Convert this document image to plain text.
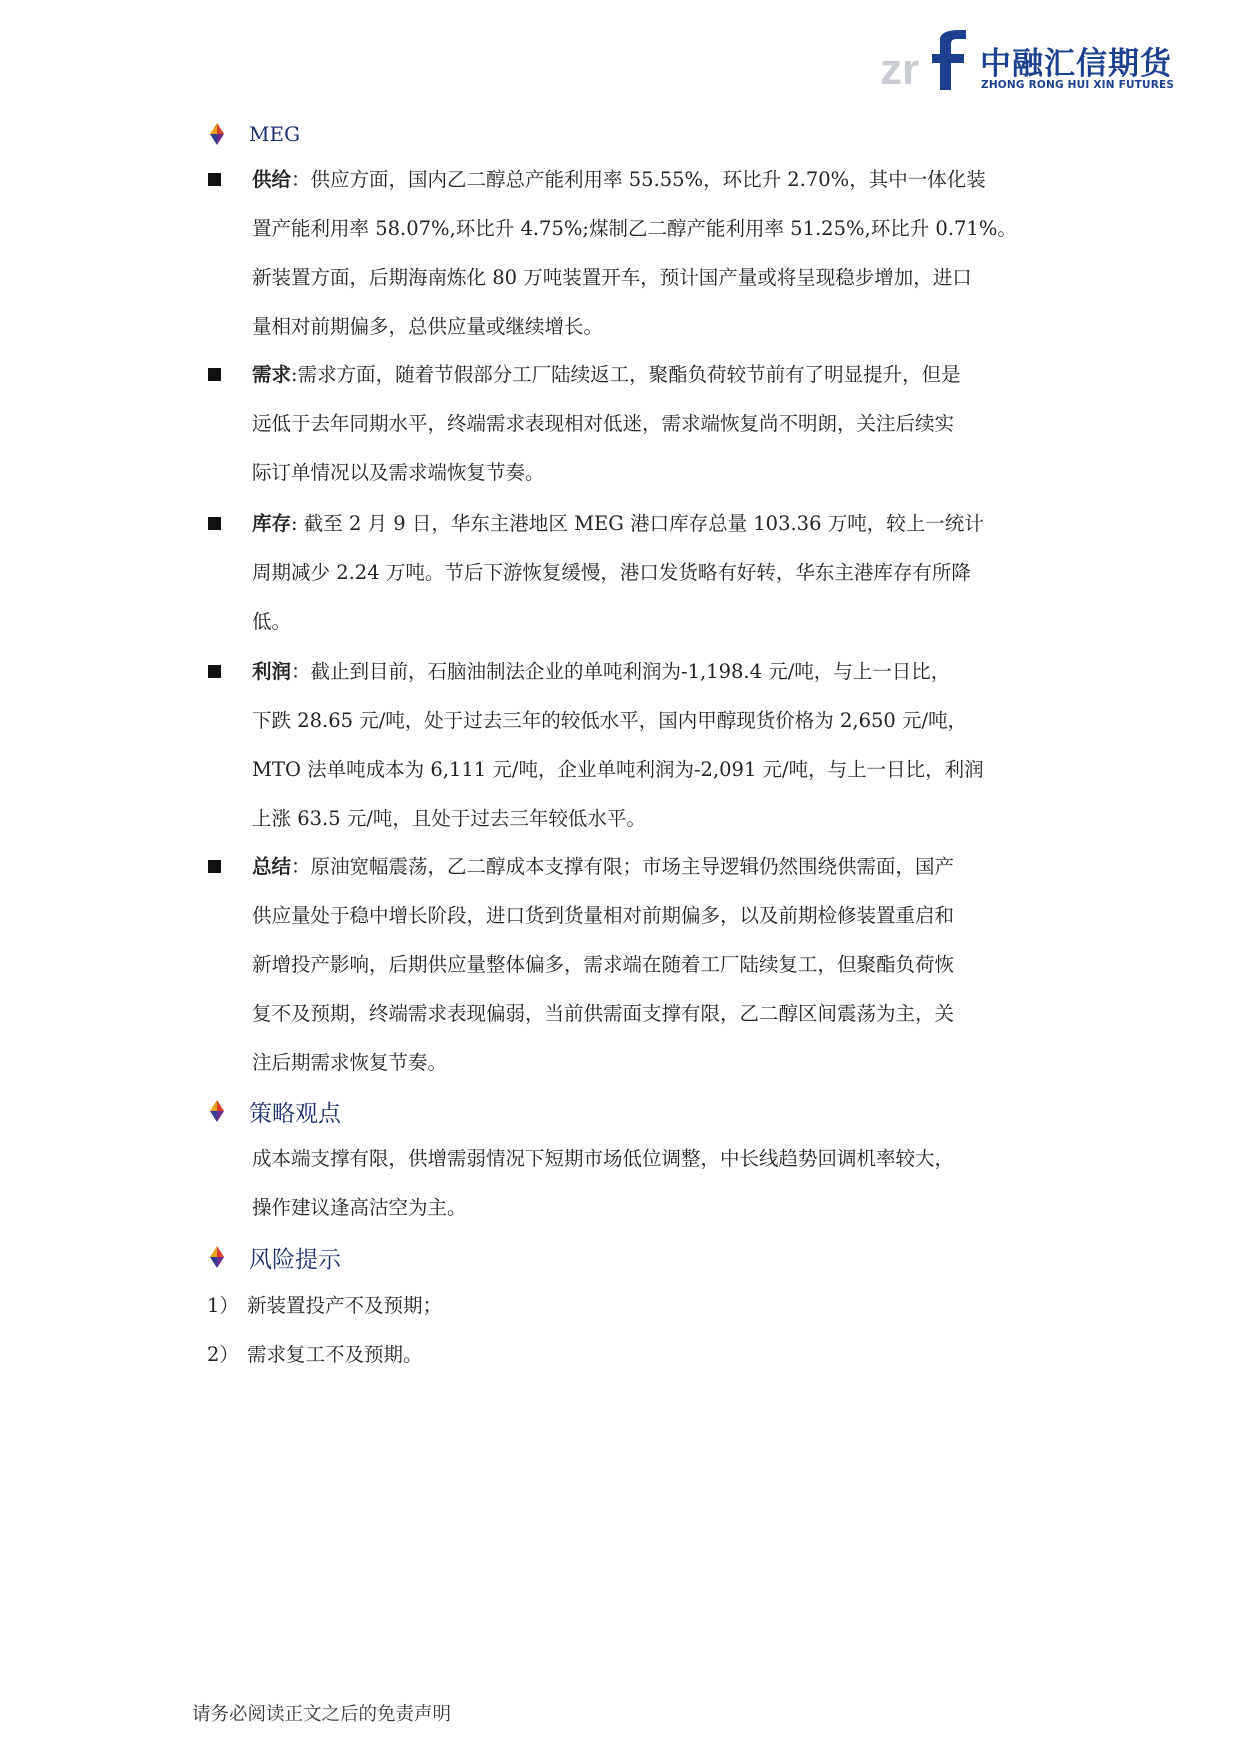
zr 中融汇信期货
ZHONG RONG HUI XIN FUTURES
MEG
供给：供应方面，国内乙二醇总产能利用率 55.55%，环比升 2.70%，其中一体化装
置产能利用率 58.07%,环比升 4.75%;煤制乙二醇产能利用率 51.25%,环比升 0.71%。
新装置方面，后期海南炼化 80 万吨装置开车，预计国产量或将呈现稳步增加，进口
量相对前期偏多，总供应量或继续增长。
需求:需求方面，随着节假部分工厂陆续返工，聚酯负荷较节前有了明显提升，但是
远低于去年同期水平，终端需求表现相对低迷，需求端恢复尚不明朗，关注后续实
际订单情况以及需求端恢复节奏。
库存: 截至 2 月 9 日，华东主港地区 MEG 港口库存总量 103.36 万吨，较上一统计
周期减少 2.24 万吨。节后下游恢复缓慢，港口发货略有好转，华东主港库存有所降
低。
利润：截止到目前，石脑油制法企业的单吨利润为-1,198.4 元/吨，与上一日比，
下跌 28.65 元/吨，处于过去三年的较低水平，国内甲醇现货价格为 2,650 元/吨，
MTO 法单吨成本为 6,111 元/吨，企业单吨利润为-2,091 元/吨，与上一日比，利润
上涨 63.5 元/吨，且处于过去三年较低水平。
总结：原油宽幅震荡，乙二醇成本支撑有限；市场主导逻辑仍然围绕供需面，国产
供应量处于稳中增长阶段，进口货到货量相对前期偏多，以及前期检修装置重启和
新增投产影响，后期供应量整体偏多，需求端在随着工厂陆续复工，但聚酯负荷恢
复不及预期，终端需求表现偏弱，当前供需面支撑有限，乙二醇区间震荡为主，关
注后期需求恢复节奏。
策略观点
成本端支撑有限，供增需弱情况下短期市场低位调整，中长线趋势回调机率较大，
操作建议逢高沽空为主。
风险提示
1） 新装置投产不及预期；
2） 需求复工不及预期。
请务必阅读正文之后的免责声明
